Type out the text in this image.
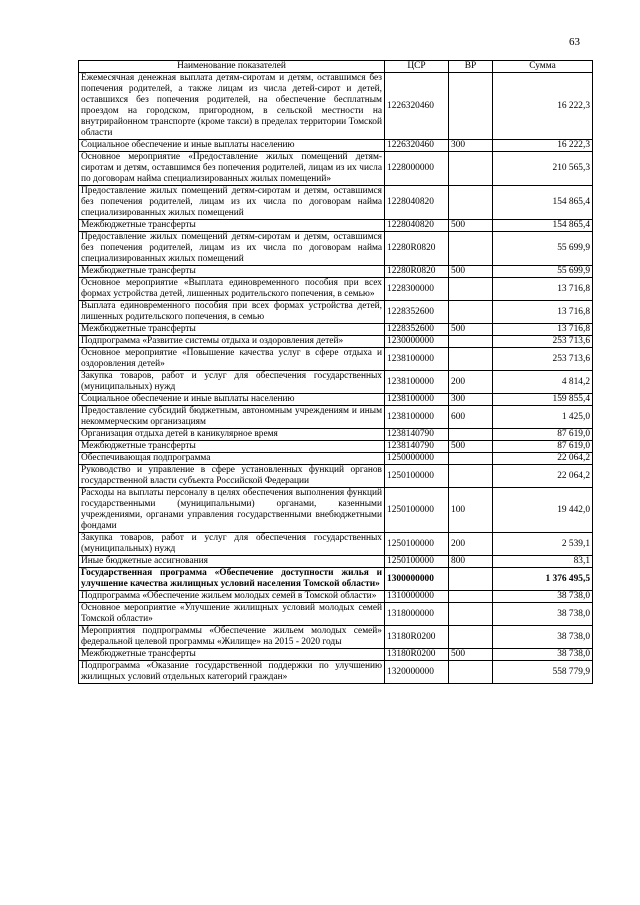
63
Наименование показателей	ЦСР	ВР	Сумма
Ежемесячная денежная выплата детям-сиротам и детям, оставшимся без попечения родителей, а также лицам из числа детей-сирот и детей, оставшихся без попечения родителей, на обеспечение бесплатным проездом на городском, пригородном, в сельской местности на внутрирайонном транспорте (кроме такси) в пределах территории Томской области	1226320460		16 222,3
Социальное обеспечение и иные выплаты населению	1226320460	300	16 222,3
Основное мероприятие «Предоставление жилых помещений детям-сиротам и детям, оставшимся без попечения родителей, лицам из их числа по договорам найма специализированных жилых помещений»	1228000000		210 565,3
Предоставление жилых помещений детям-сиротам и детям, оставшимся без попечения родителей, лицам из их числа по договорам найма специализированных жилых помещений	1228040820		154 865,4
Межбюджетные трансферты	1228040820	500	154 865,4
Предоставление жилых помещений детям-сиротам и детям, оставшимся без попечения родителей, лицам из их числа по договорам найма специализированных жилых помещений	12280R0820		55 699,9
Межбюджетные трансферты	12280R0820	500	55 699,9
Основное мероприятие «Выплата единовременного пособия при всех формах устройства детей, лишенных родительского попечения, в семью»	1228300000		13 716,8
Выплата единовременного пособия при всех формах устройства детей, лишенных родительского попечения, в семью	1228352600		13 716,8
Межбюджетные трансферты	1228352600	500	13 716,8
Подпрограмма «Развитие системы отдыха и оздоровления детей»	1230000000		253 713,6
Основное мероприятие «Повышение качества услуг в сфере отдыха и оздоровления детей»	1238100000		253 713,6
Закупка товаров, работ и услуг для обеспечения государственных (муниципальных) нужд	1238100000	200	4 814,2
Социальное обеспечение и иные выплаты населению	1238100000	300	159 855,4
Предоставление субсидий бюджетным, автономным учреждениям и иным некоммерческим организациям	1238100000	600	1 425,0
Организация отдыха детей в каникулярное время	1238140790		87 619,0
Межбюджетные трансферты	1238140790	500	87 619,0
Обеспечивающая подпрограмма	1250000000		22 064,2
Руководство и управление в сфере установленных функций органов государственной власти субъекта Российской Федерации	1250100000		22 064,2
Расходы на выплаты персоналу в целях обеспечения выполнения функций государственными (муниципальными) органами, казенными учреждениями, органами управления государственными внебюджетными фондами	1250100000	100	19 442,0
Закупка товаров, работ и услуг для обеспечения государственных (муниципальных) нужд	1250100000	200	2 539,1
Иные бюджетные ассигнования	1250100000	800	83,1
Государственная программа «Обеспечение доступности жилья и улучшение качества жилищных условий населения Томской области»	1300000000		1 376 495,5
Подпрограмма «Обеспечение жильем молодых семей в Томской области»	1310000000		38 738,0
Основное мероприятие «Улучшение жилищных условий молодых семей Томской области»	1318000000		38 738,0
Мероприятия подпрограммы «Обеспечение жильем молодых семей» федеральной целевой программы «Жилище» на 2015 - 2020 годы	13180R0200		38 738,0
Межбюджетные трансферты	13180R0200	500	38 738,0
Подпрограмма «Оказание государственной поддержки по улучшению жилищных условий отдельных категорий граждан»	1320000000		558 779,9
